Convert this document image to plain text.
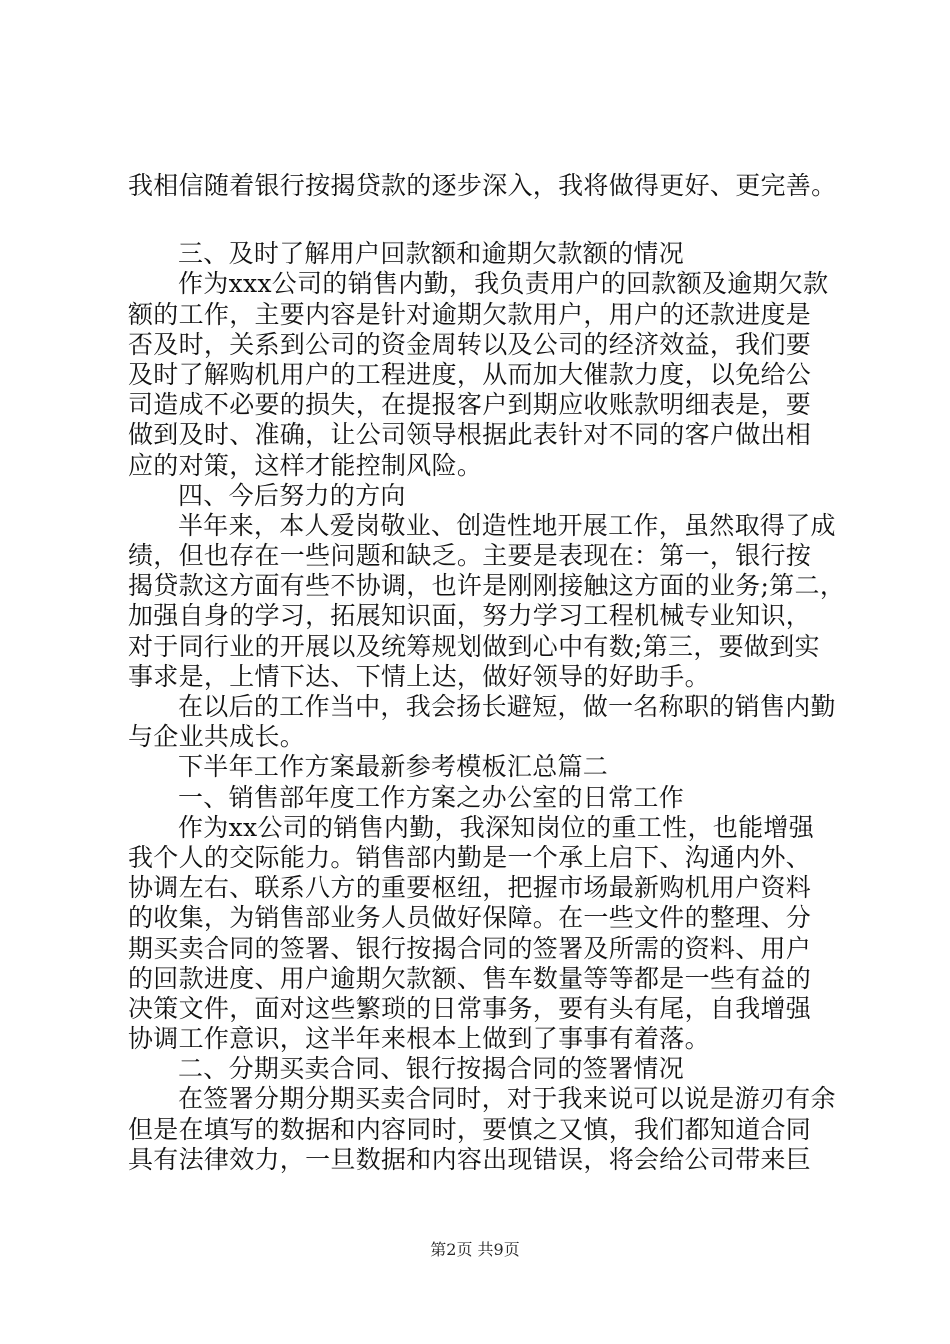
我相信随着银行按揭贷款的逐步深入，我将做得更好、更完善。
三、及时了解用户回款额和逾期欠款额的情况
作为xxx公司的销售内勤，我负责用户的回款额及逾期欠款
额的工作，主要内容是针对逾期欠款用户，用户的还款进度是
否及时，关系到公司的资金周转以及公司的经济效益，我们要
及时了解购机用户的工程进度，从而加大催款力度，以免给公
司造成不必要的损失，在提报客户到期应收账款明细表是，要
做到及时、准确，让公司领导根据此表针对不同的客户做出相
应的对策，这样才能控制风险。
四、今后努力的方向
半年来，本人爱岗敬业、创造性地开展工作，虽然取得了成
绩，但也存在一些问题和缺乏。主要是表现在：第一，银行按
揭贷款这方面有些不协调，也许是刚刚接触这方面的业务;第二，
加强自身的学习，拓展知识面，努力学习工程机械专业知识，
对于同行业的开展以及统筹规划做到心中有数;第三，要做到实
事求是，上情下达、下情上达，做好领导的好助手。
在以后的工作当中，我会扬长避短，做一名称职的销售内勤
与企业共成长。
下半年工作方案最新参考模板汇总篇二
一、销售部年度工作方案之办公室的日常工作
作为xx公司的销售内勤，我深知岗位的重工性，也能增强
我个人的交际能力。销售部内勤是一个承上启下、沟通内外、
协调左右、联系八方的重要枢纽，把握市场最新购机用户资料
的收集，为销售部业务人员做好保障。在一些文件的整理、分
期买卖合同的签署、银行按揭合同的签署及所需的资料、用户
的回款进度、用户逾期欠款额、售车数量等等都是一些有益的
决策文件，面对这些繁琐的日常事务，要有头有尾，自我增强
协调工作意识，这半年来根本上做到了事事有着落。
二、分期买卖合同、银行按揭合同的签署情况
在签署分期分期买卖合同时，对于我来说可以说是游刃有余
但是在填写的数据和内容同时，要慎之又慎，我们都知道合同
具有法律效力，一旦数据和内容出现错误，将会给公司带来巨
第2页 共9页
